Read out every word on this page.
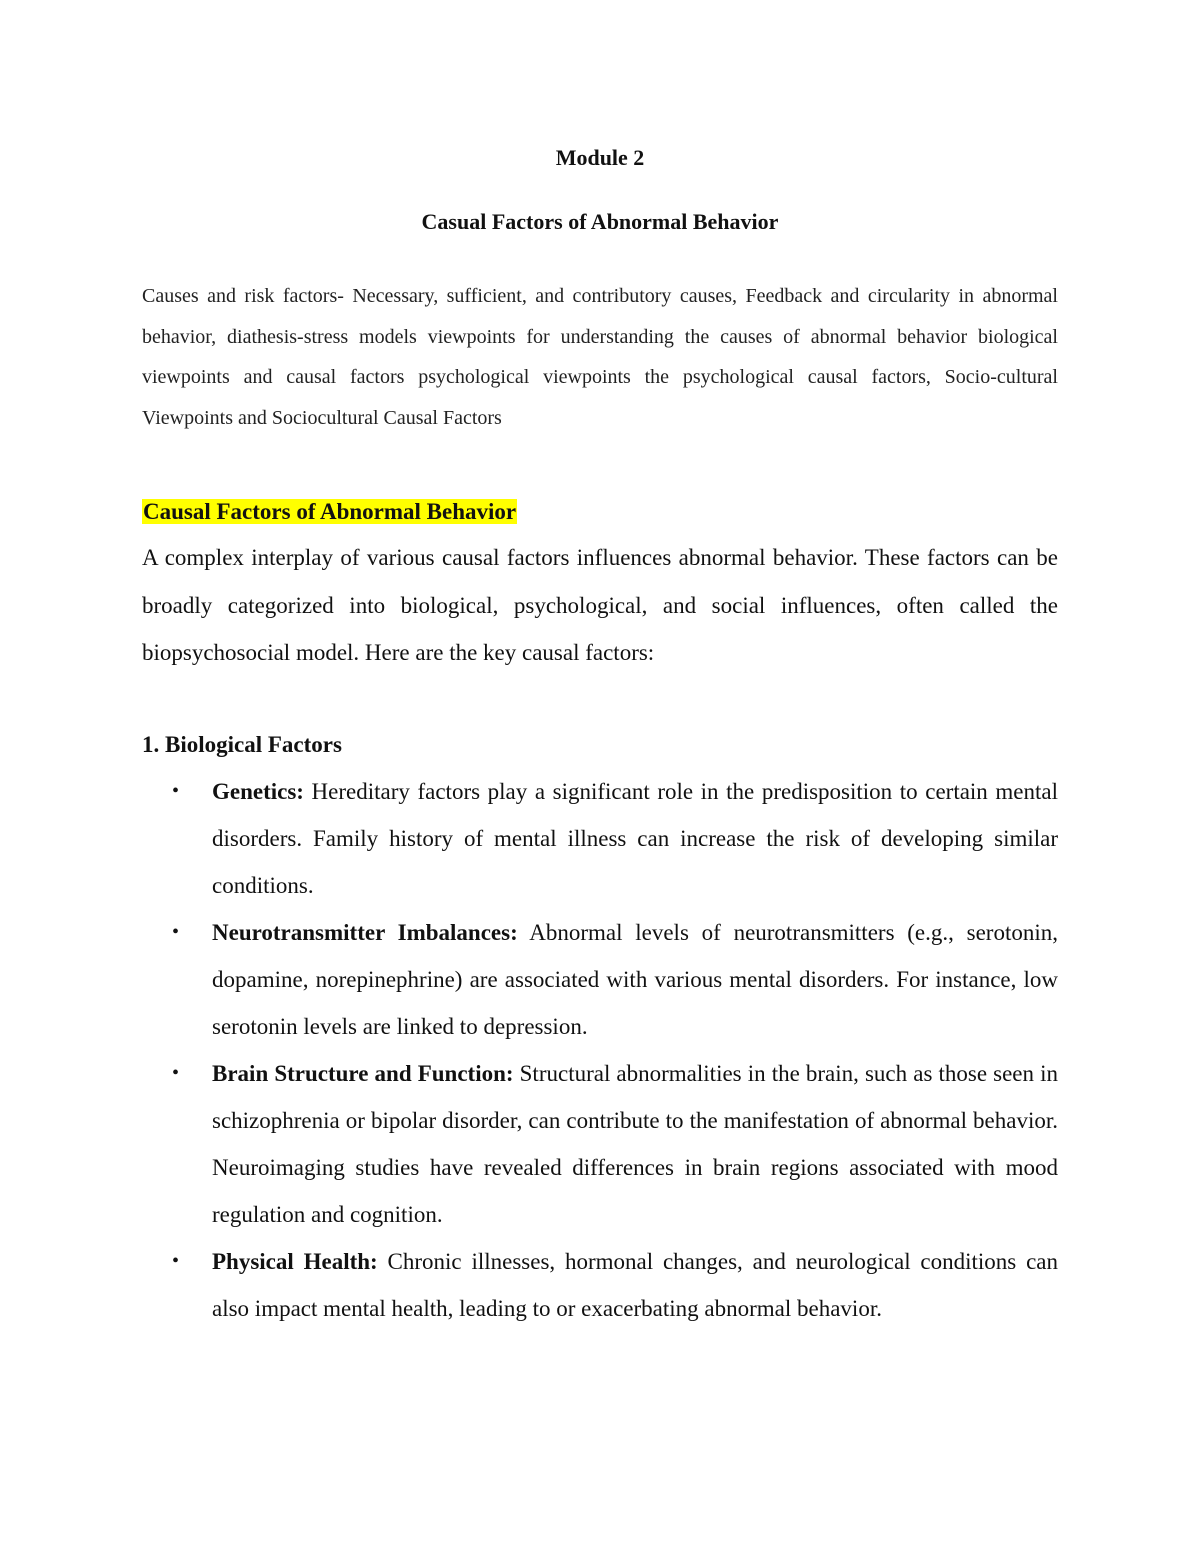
Module 2

Casual Factors of Abnormal Behavior

Causes and risk factors- Necessary, sufficient, and contributory causes, Feedback and circularity in abnormal behavior, diathesis-stress models viewpoints for understanding the causes of abnormal behavior biological viewpoints and causal factors psychological viewpoints the psychological causal factors, Socio-cultural Viewpoints and Sociocultural Causal Factors

Causal Factors of Abnormal Behavior

A complex interplay of various causal factors influences abnormal behavior. These factors can be broadly categorized into biological, psychological, and social influences, often called the biopsychosocial model. Here are the key causal factors:

1. Biological Factors

• Genetics: Hereditary factors play a significant role in the predisposition to certain mental disorders. Family history of mental illness can increase the risk of developing similar conditions.
• Neurotransmitter Imbalances: Abnormal levels of neurotransmitters (e.g., serotonin, dopamine, norepinephrine) are associated with various mental disorders. For instance, low serotonin levels are linked to depression.
• Brain Structure and Function: Structural abnormalities in the brain, such as those seen in schizophrenia or bipolar disorder, can contribute to the manifestation of abnormal behavior. Neuroimaging studies have revealed differences in brain regions associated with mood regulation and cognition.
• Physical Health: Chronic illnesses, hormonal changes, and neurological conditions can also impact mental health, leading to or exacerbating abnormal behavior.
